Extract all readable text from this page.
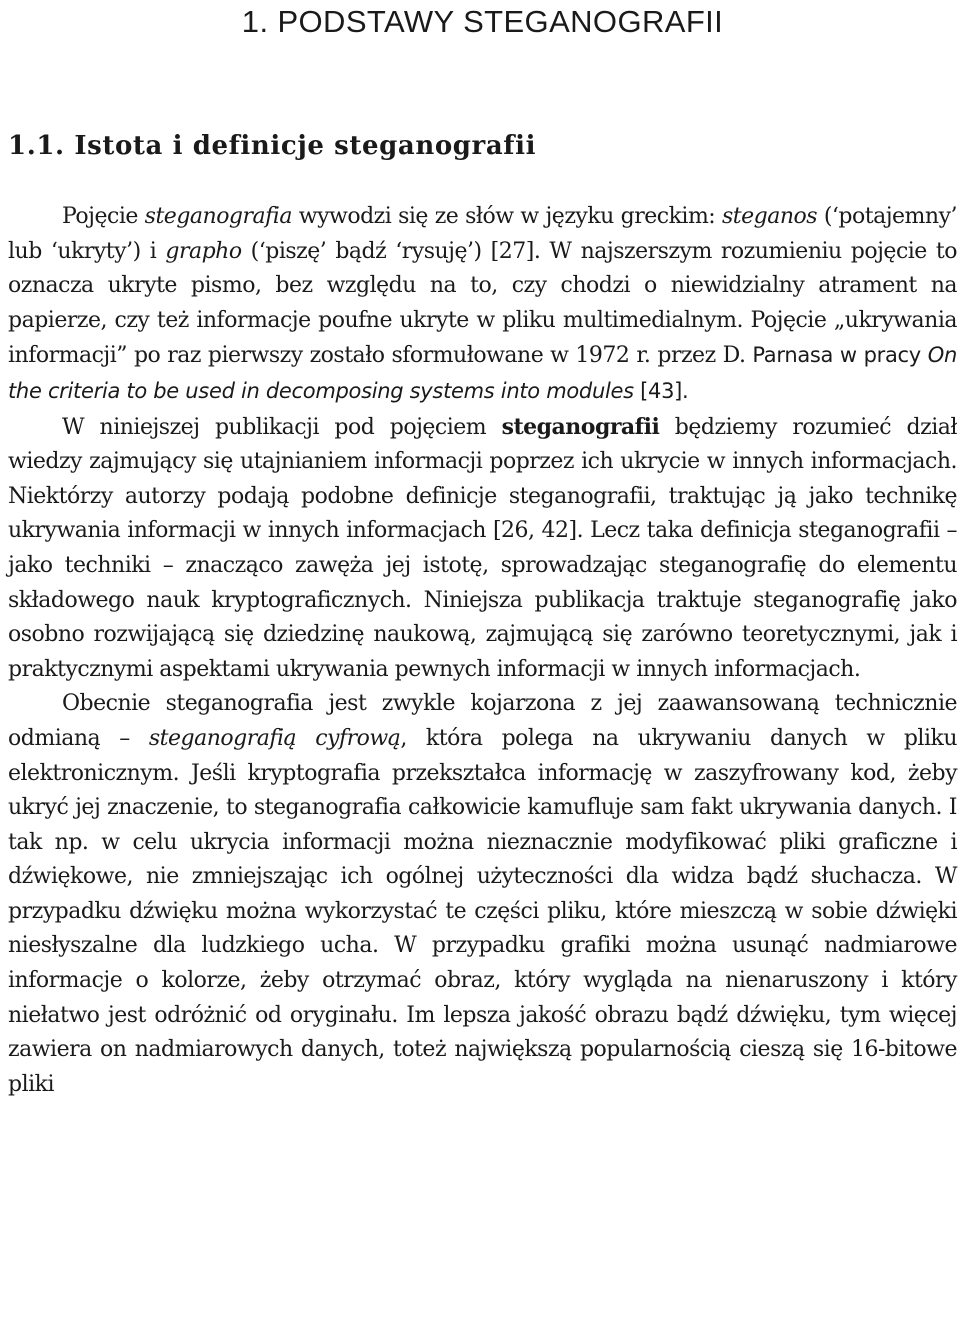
1. PODSTAWY STEGANOGRAFII
1.1. Istota i definicje steganografii

Pojęcie steganografia wywodzi się ze słów w języku greckim: steganos (‘potajemny’ lub ‘ukryty’) i grapho (‘piszę’ bądź ‘rysuję’) [27]. W najszerszym rozumieniu pojęcie to oznacza ukryte pismo, bez względu na to, czy chodzi o niewidzialny atrament na papierze, czy też informacje poufne ukryte w pliku multimedialnym. Pojęcie „ukrywania informacji” po raz pierwszy zostało sformułowane w 1972 r. przez D. Parnasa w pracy On the criteria to be used in decomposing systems into modules [43].

W niniejszej publikacji pod pojęciem steganografii będziemy rozumieć dział wiedzy zajmujący się utajnianiem informacji poprzez ich ukrycie w innych informacjach. Niektórzy autorzy podają podobne definicje steganografii, traktując ją jako technikę ukrywania informacji w innych informacjach [26, 42]. Lecz taka definicja steganografii – jako techniki – znacząco zawęża jej istotę, sprowadzając steganografię do elementu składowego nauk kryptograficznych. Niniejsza publikacja traktuje steganografię jako osobno rozwijającą się dziedzinę naukową, zajmującą się zarówno teoretycznymi, jak i praktycznymi aspektami ukrywania pewnych informacji w innych informacjach.

Obecnie steganografia jest zwykle kojarzona z jej zaawansowaną technicznie odmianą – steganografią cyfrową, która polega na ukrywaniu danych w pliku elektronicznym. Jeśli kryptografia przekształca informację w zaszyfrowany kod, żeby ukryć jej znaczenie, to steganografia całkowicie kamufluje sam fakt ukrywania danych. I tak np. w celu ukrycia informacji można nieznacznie modyfikować pliki graficzne i dźwiękowe, nie zmniejszając ich ogólnej użyteczności dla widza bądź słuchacza. W przypadku dźwięku można wykorzystać te części pliku, które mieszczą w sobie dźwięki niesłyszalne dla ludzkiego ucha. W przypadku grafiki można usunąć nadmiarowe informacje o kolorze, żeby otrzymać obraz, który wygląda na nienaruszony i który niełatwo jest odróżnić od oryginału. Im lepsza jakość obrazu bądź dźwięku, tym więcej zawiera on nadmiarowych danych, toteż największą popularnością cieszą się 16-bitowe pliki
